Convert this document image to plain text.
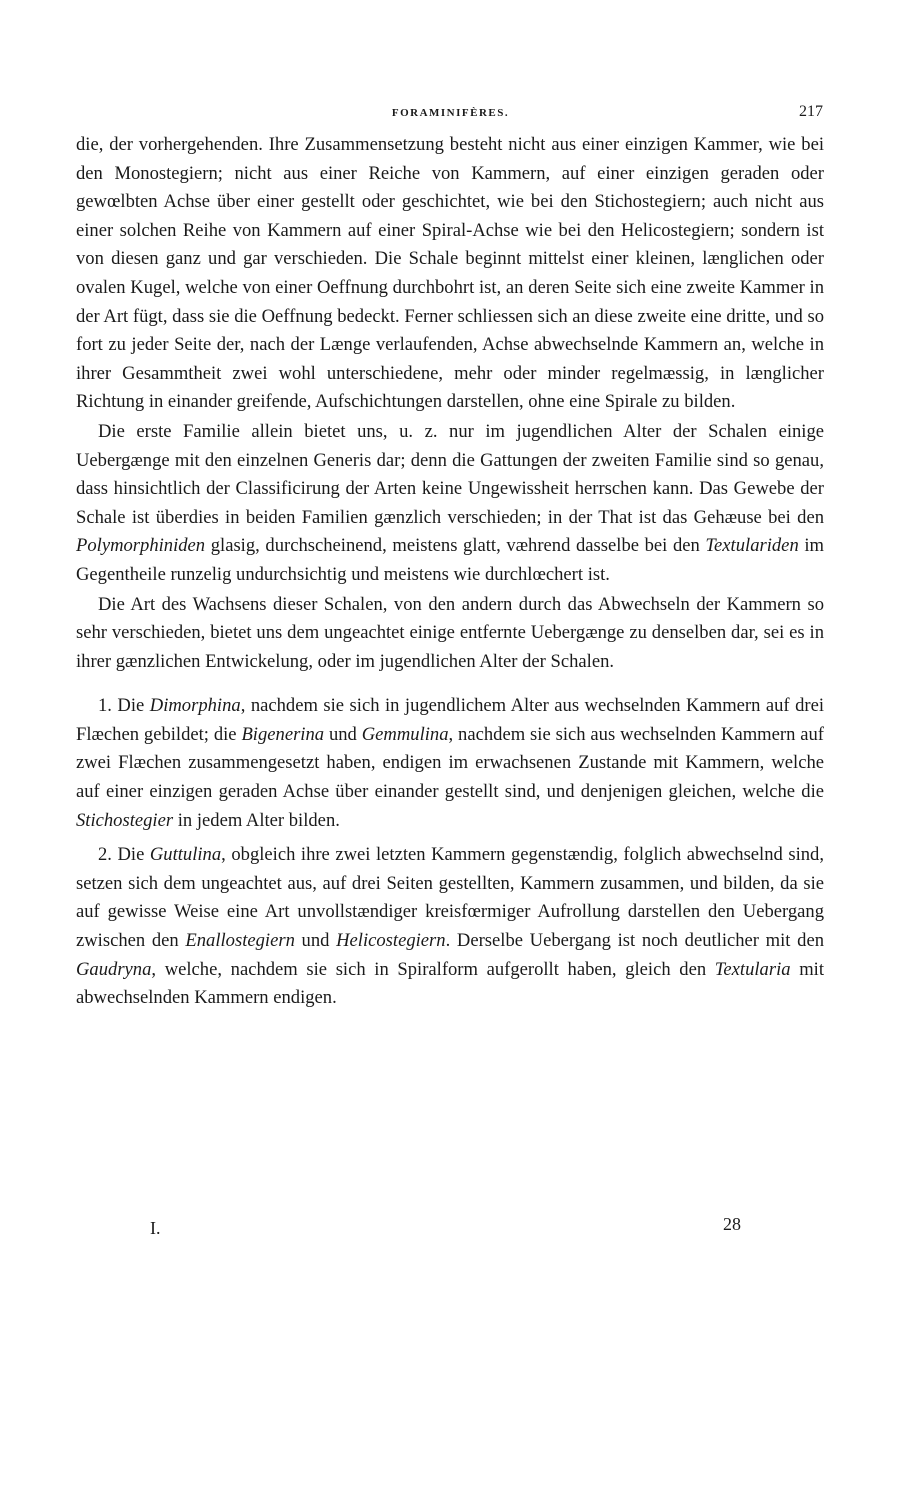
FORAMINIFÈRES.	217

die, der vorhergehenden. Ihre Zusammensetzung besteht nicht aus einer einzigen Kammer, wie bei den Monostegiern; nicht aus einer Reiche von Kammern, auf einer einzigen geraden oder gewœlbten Achse über einer gestellt oder geschichtet, wie bei den Stichostegiern; auch nicht aus einer solchen Reihe von Kammern auf einer Spiral-Achse wie bei den Helicostegiern; sondern ist von diesen ganz und gar verschieden. Die Schale beginnt mittelst einer kleinen, længlichen oder ovalen Kugel, welche von einer Oeffnung durchbohrt ist, an deren Seite sich eine zweite Kammer in der Art fügt, dass sie die Oeffnung bedeckt. Ferner schliessen sich an diese zweite eine dritte, und so fort zu jeder Seite der, nach der Længe verlaufenden, Achse abwechselnde Kammern an, welche in ihrer Gesammtheit zwei wohl unterschiedene, mehr oder minder regelmæssig, in længlicher Richtung in einander greifende, Aufschichtungen darstellen, ohne eine Spirale zu bilden.

Die erste Familie allein bietet uns, u. z. nur im jugendlichen Alter der Schalen einige Uebergænge mit den einzelnen Generis dar; denn die Gattungen der zweiten Familie sind so genau, dass hinsichtlich der Classificirung der Arten keine Ungewissheit herrschen kann. Das Gewebe der Schale ist überdies in beiden Familien gænzlich verschieden; in der That ist das Gehæuse bei den Polymorphiniden glasig, durchscheinend, meistens glatt, væhrend dasselbe bei den Textulariden im Gegentheile runzelig undurchsichtig und meistens wie durchlœchert ist.

Die Art des Wachsens dieser Schalen, von den andern durch das Abwechseln der Kammern so sehr verschieden, bietet uns dem ungeachtet einige entfernte Uebergænge zu denselben dar, sei es in ihrer gænzlichen Entwickelung, oder im jugendlichen Alter der Schalen.

1. Die Dimorphina, nachdem sie sich in jugendlichem Alter aus wechselnden Kammern auf drei Flæchen gebildet; die Bigenerina und Gemmulina, nachdem sie sich aus wechselnden Kammern auf zwei Flæchen zusammengesetzt haben, endigen im erwachsenen Zustande mit Kammern, welche auf einer einzigen geraden Achse über einander gestellt sind, und denjenigen gleichen, welche die Stichostegier in jedem Alter bilden.

2. Die Guttulina, obgleich ihre zwei letzten Kammern gegenstændig, folglich abwechselnd sind, setzen sich dem ungeachtet aus, auf drei Seiten gestellten, Kammern zusammen, und bilden, da sie auf gewisse Weise eine Art unvollstændiger kreisfœrmiger Aufrollung darstellen den Uebergang zwischen den Enallostegiern und Helicostegiern. Derselbe Uebergang ist noch deutlicher mit den Gaudryna, welche, nachdem sie sich in Spiralform aufgerollt haben, gleich den Textularia mit abwechselnden Kammern endigen.

I.	28
